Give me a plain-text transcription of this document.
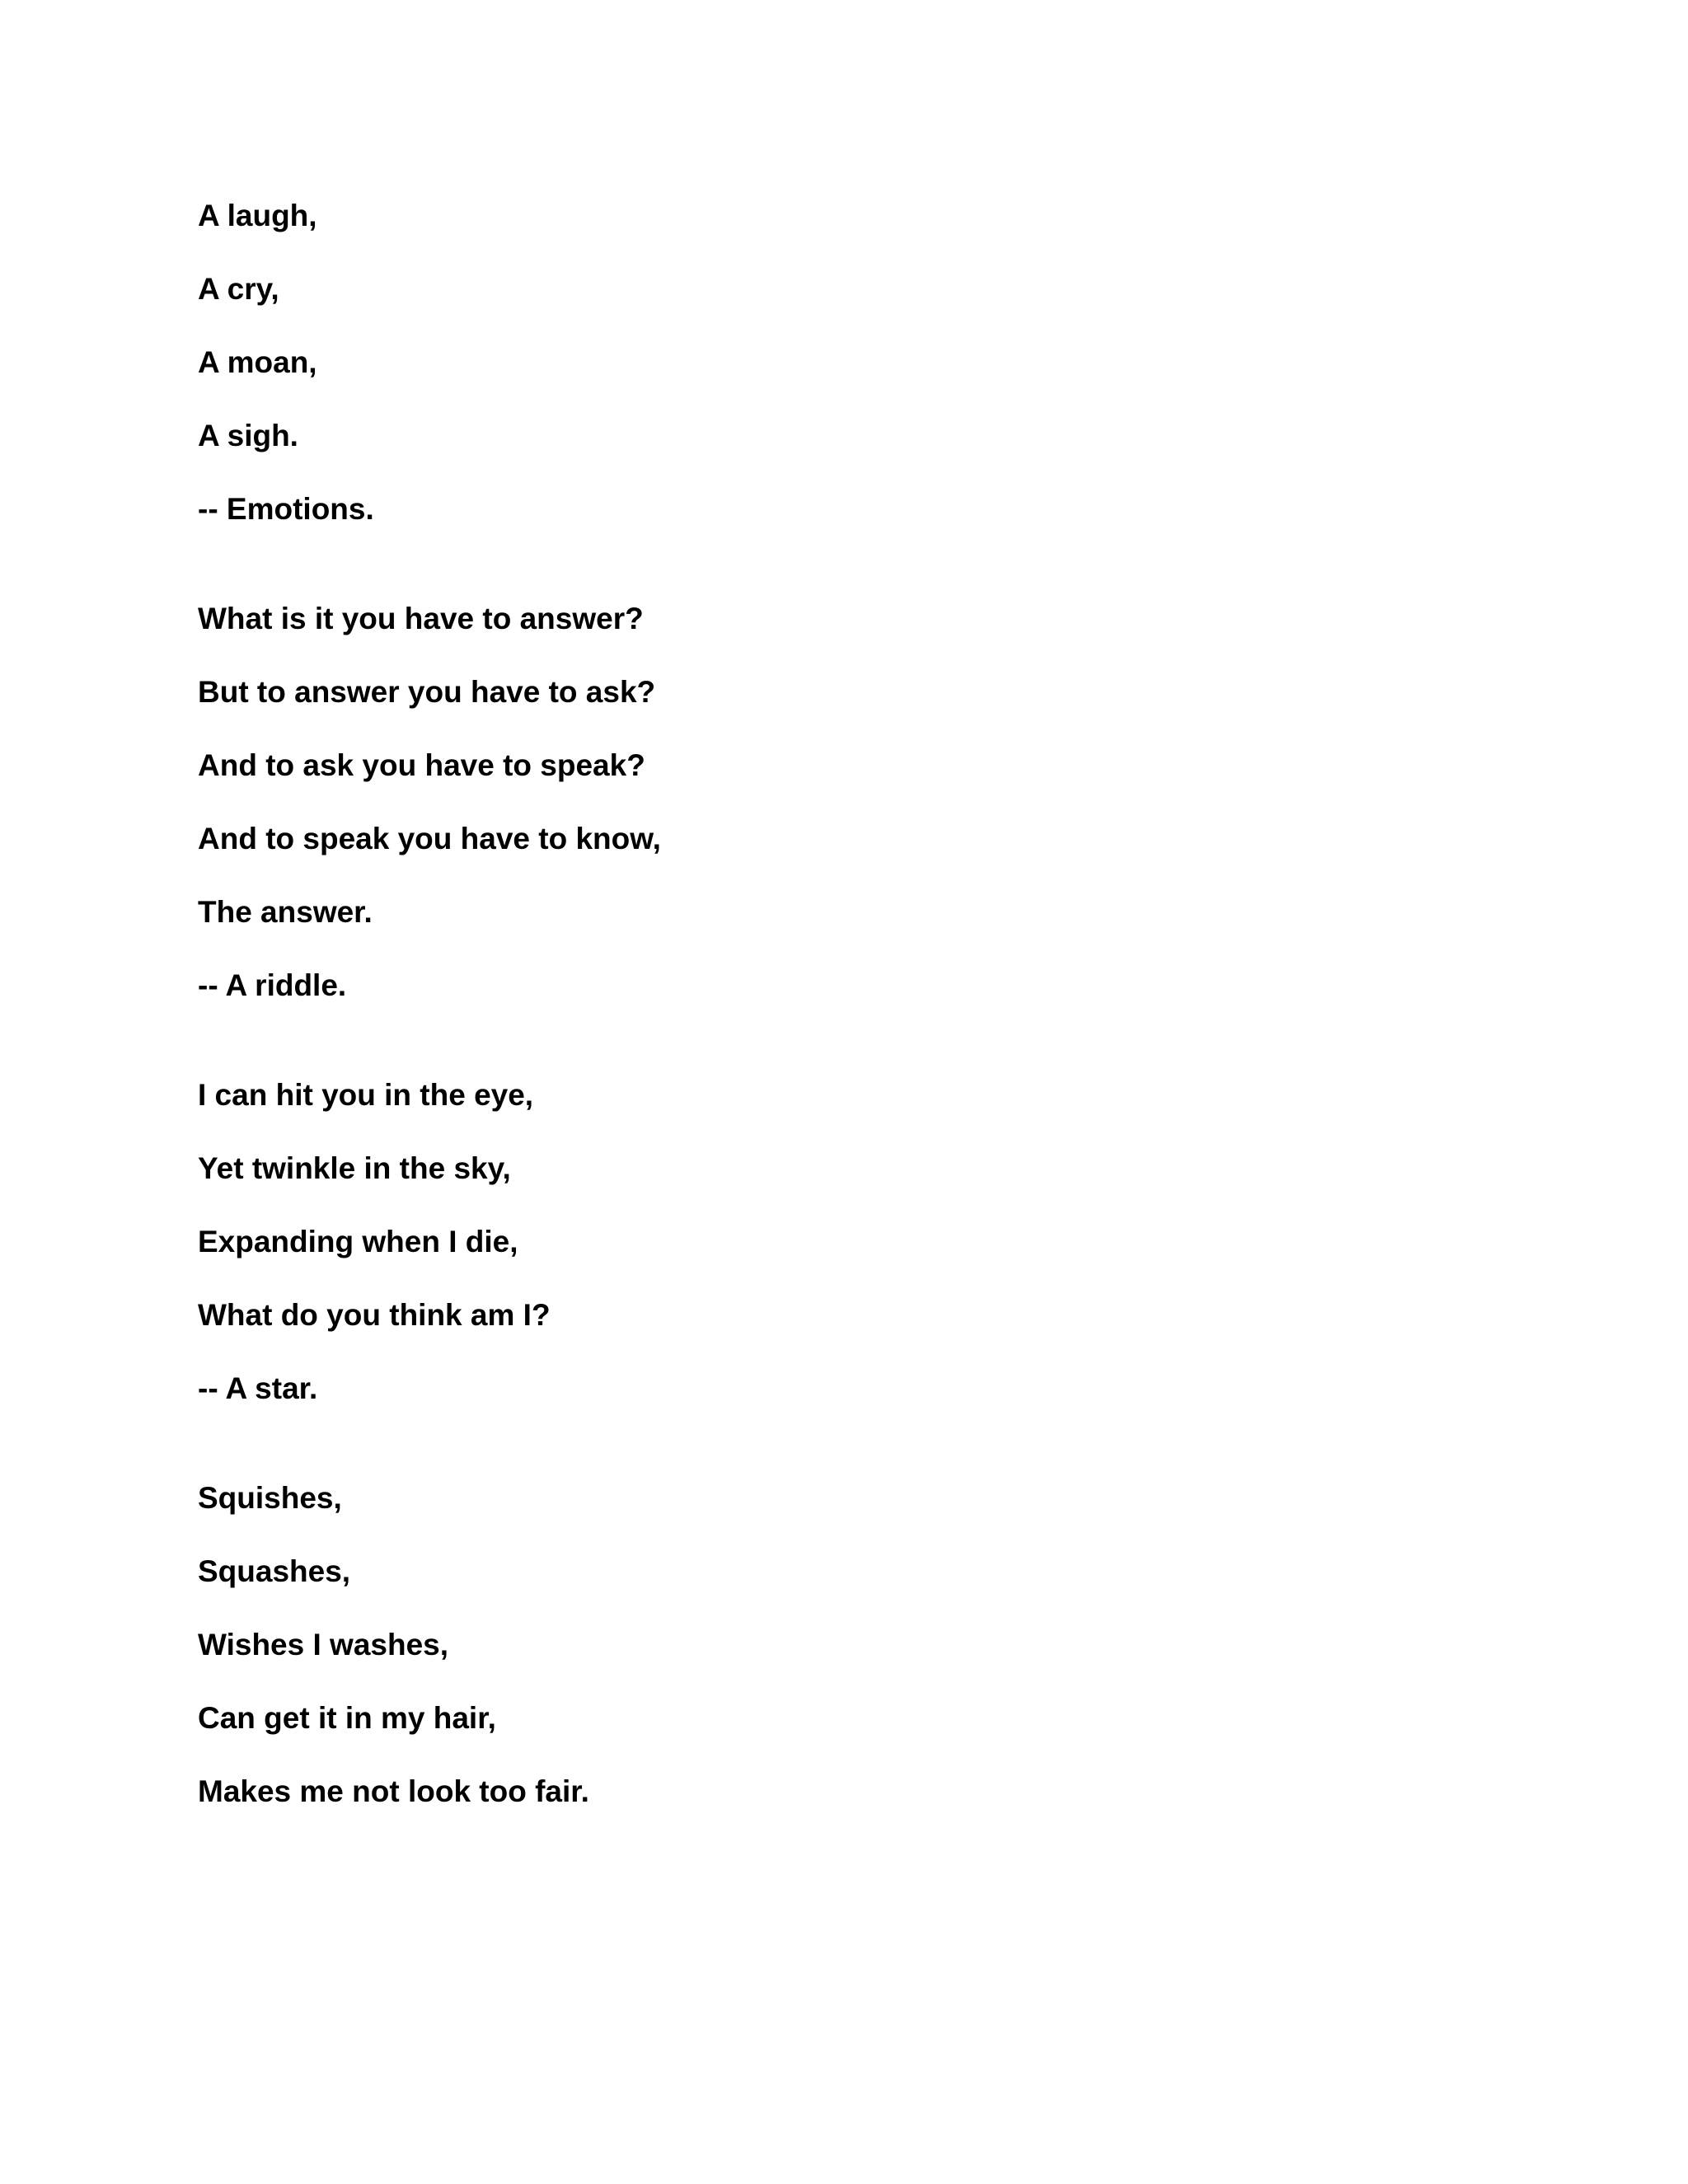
A laugh,
A cry,
A moan,
A sigh.
-- Emotions.
What is it you have to answer?
But to answer you have to ask?
And to ask you have to speak?
And to speak you have to know,
The answer.
-- A riddle.
I can hit you in the eye,
Yet twinkle in the sky,
Expanding when I die,
What do you think am I?
-- A star.
Squishes,
Squashes,
Wishes I washes,
Can get it in my hair,
Makes me not look too fair.
